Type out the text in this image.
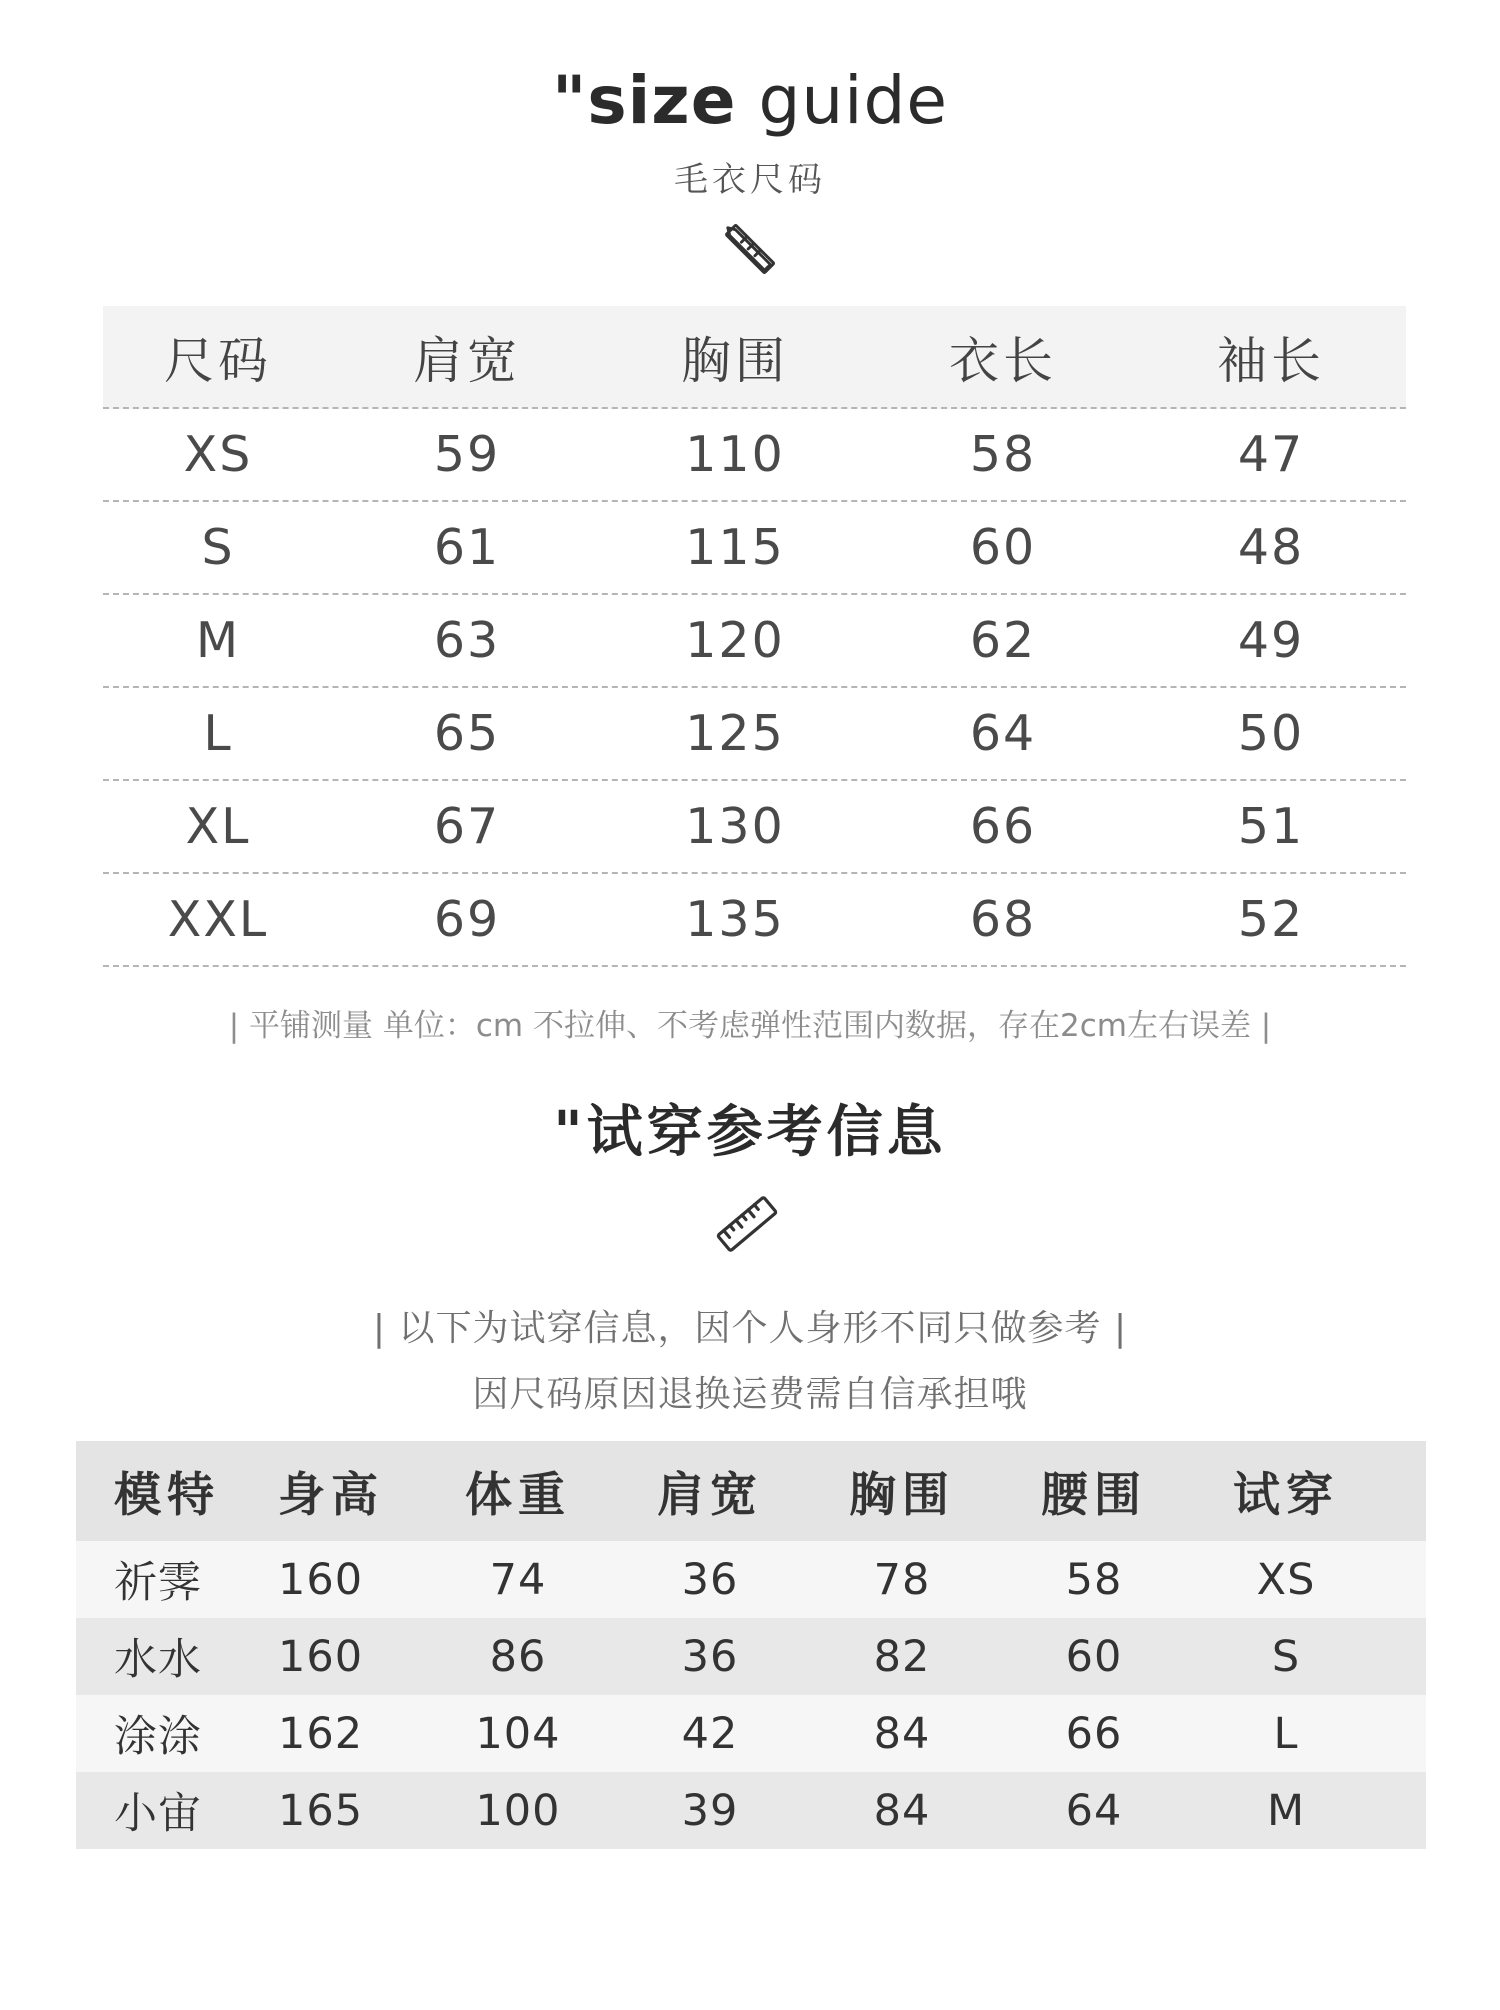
"size guide
毛衣尺码
尺码	肩宽	胸围	衣长	袖长
XS	59	110	58	47
S	61	115	60	48
M	63	120	62	49
L	65	125	64	50
XL	67	130	66	51
XXL	69	135	68	52
| 平铺测量 单位：cm 不拉伸、不考虑弹性范围内数据，存在2cm左右误差 |
"试穿参考信息
| 以下为试穿信息，因个人身形不同只做参考 |
因尺码原因退换运费需自信承担哦
模特	身高	体重	肩宽	胸围	腰围	试穿
祈霁	160	74	36	78	58	XS
水水	160	86	36	82	60	S
涂涂	162	104	42	84	66	L
小宙	165	100	39	84	64	M
